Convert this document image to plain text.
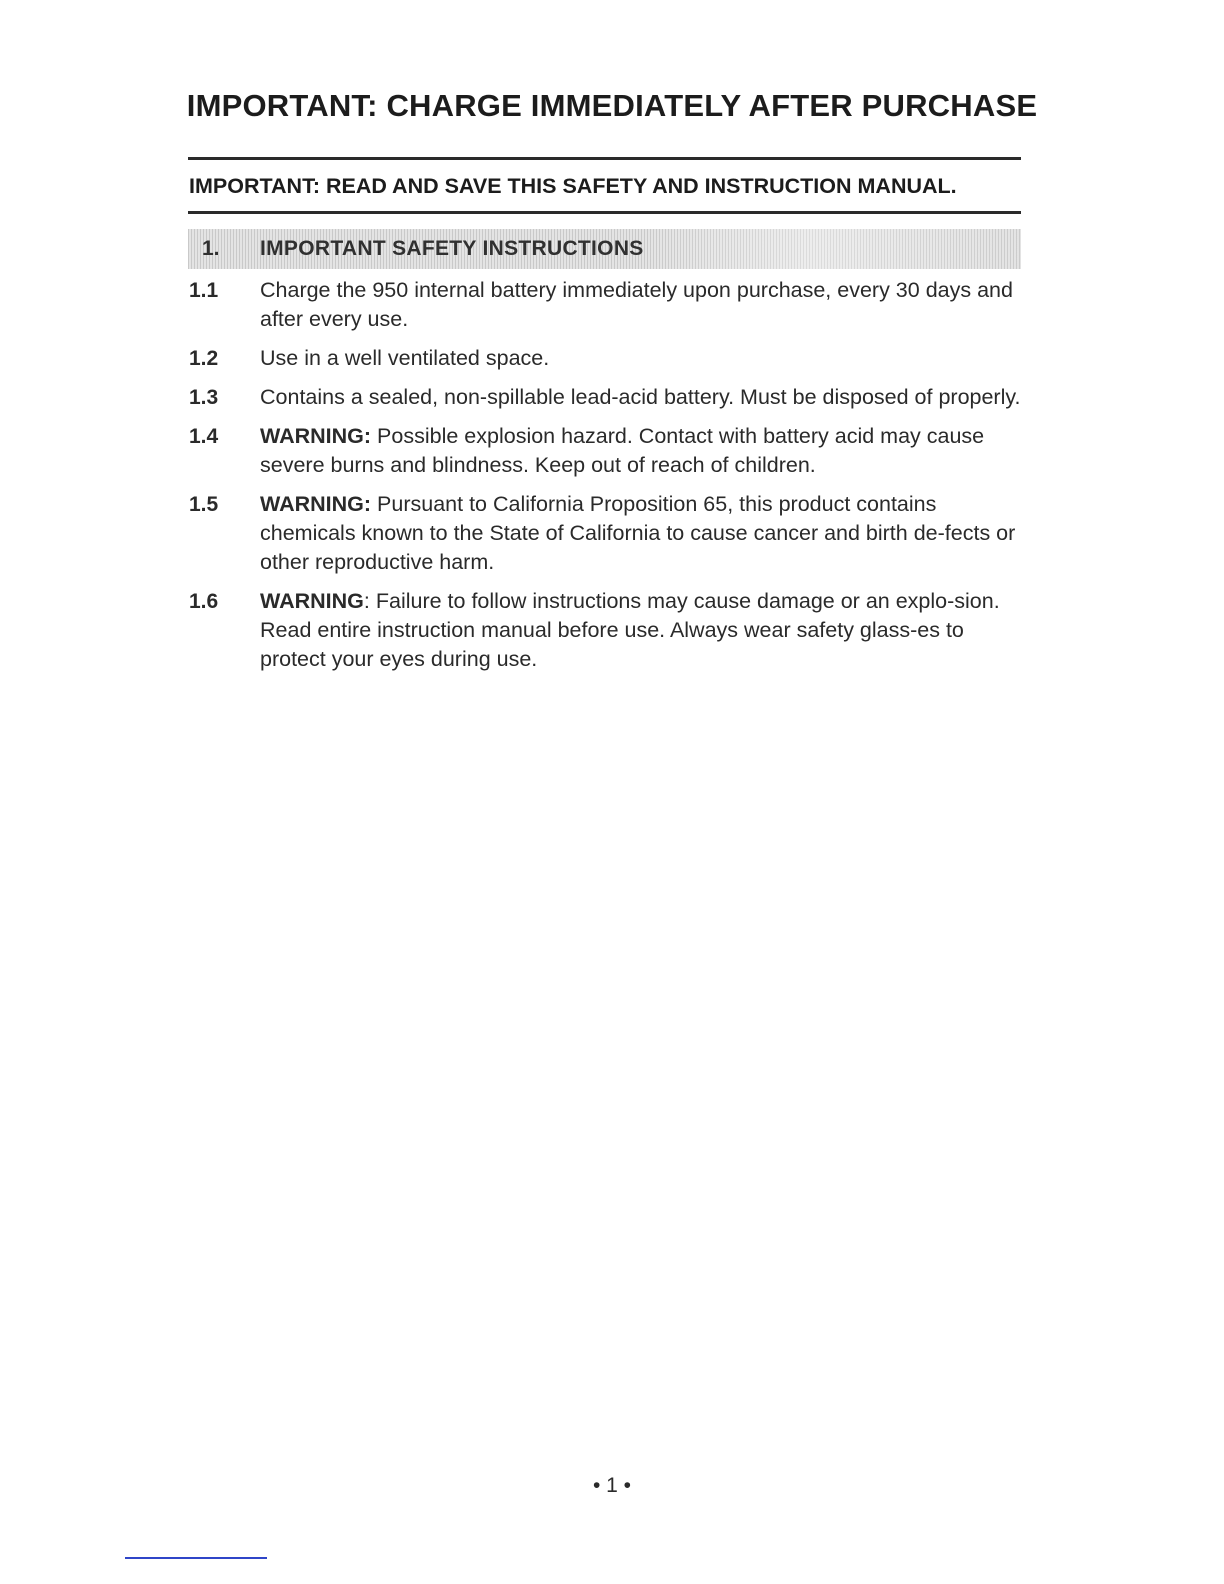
IMPORTANT: CHARGE IMMEDIATELY AFTER PURCHASE
IMPORTANT: READ AND SAVE THIS SAFETY AND INSTRUCTION MANUAL.
1. IMPORTANT SAFETY INSTRUCTIONS
1.1	Charge the 950 internal battery immediately upon purchase, every 30 days and after every use.
1.2	Use in a well ventilated space.
1.3	Contains a sealed, non-spillable lead-acid battery. Must be disposed of properly.
1.4	WARNING: Possible explosion hazard. Contact with battery acid may cause severe burns and blindness. Keep out of reach of children.
1.5	WARNING: Pursuant to California Proposition 65, this product contains chemicals known to the State of California to cause cancer and birth de-fects or other reproductive harm.
1.6	WARNING: Failure to follow instructions may cause damage or an explo-sion. Read entire instruction manual before use. Always wear safety glass-es to protect your eyes during use.
• 1 •
